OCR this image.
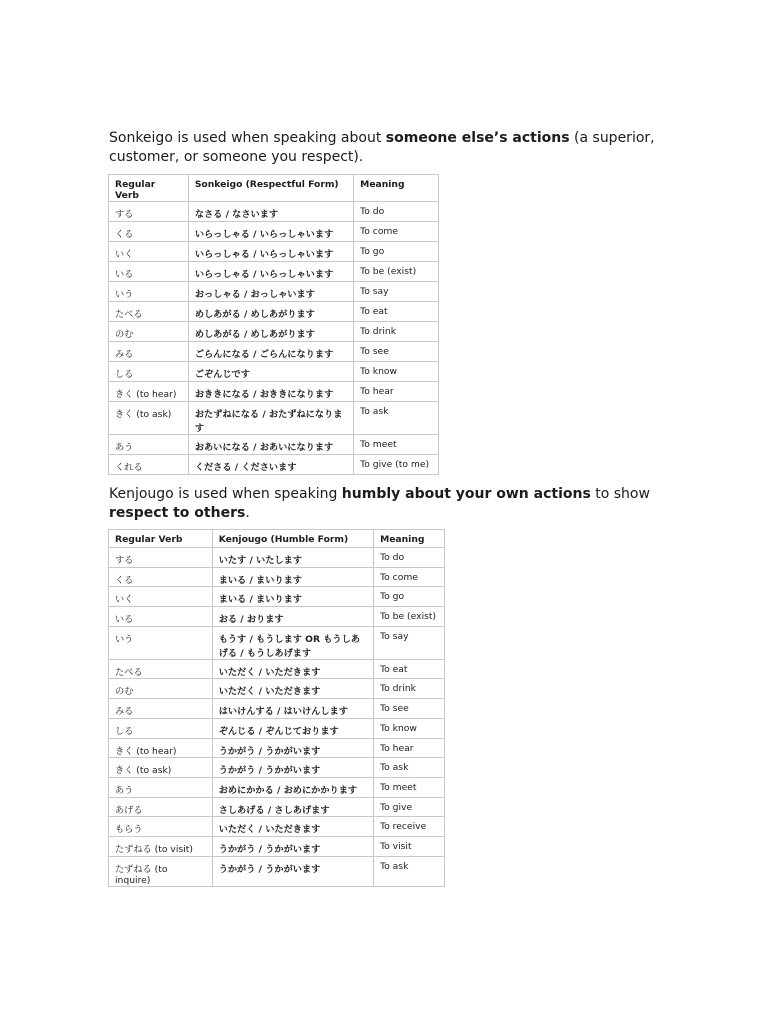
Sonkeigo is used when speaking about someone else’s actions (a superior, customer, or someone you respect).

Regular Verb	Sonkeigo (Respectful Form)	Meaning
する	なさる / なさいます	To do
くる	いらっしゃる / いらっしゃいます	To come
いく	いらっしゃる / いらっしゃいます	To go
いる	いらっしゃる / いらっしゃいます	To be (exist)
いう	おっしゃる / おっしゃいます	To say
たべる	めしあがる / めしあがります	To eat
のむ	めしあがる / めしあがります	To drink
みる	ごらんになる / ごらんになります	To see
しる	ごぞんじです	To know
きく (to hear)	おききになる / おききになります	To hear
きく (to ask)	おたずねになる / おたずねになります	To ask
あう	おあいになる / おあいになります	To meet
くれる	くださる / くださいます	To give (to me)

Kenjougo is used when speaking humbly about your own actions to show respect to others.

Regular Verb	Kenjougo (Humble Form)	Meaning
する	いたす / いたします	To do
くる	まいる / まいります	To come
いく	まいる / まいります	To go
いる	おる / おります	To be (exist)
いう	もうす / もうします OR もうしあげる / もうしあげます	To say
たべる	いただく / いただきます	To eat
のむ	いただく / いただきます	To drink
みる	はいけんする / はいけんします	To see
しる	ぞんじる / ぞんじております	To know
きく (to hear)	うかがう / うかがいます	To hear
きく (to ask)	うかがう / うかがいます	To ask
あう	おめにかかる / おめにかかります	To meet
あげる	さしあげる / さしあげます	To give
もらう	いただく / いただきます	To receive
たずねる (to visit)	うかがう / うかがいます	To visit
たずねる (to inquire)	うかがう / うかがいます	To ask
